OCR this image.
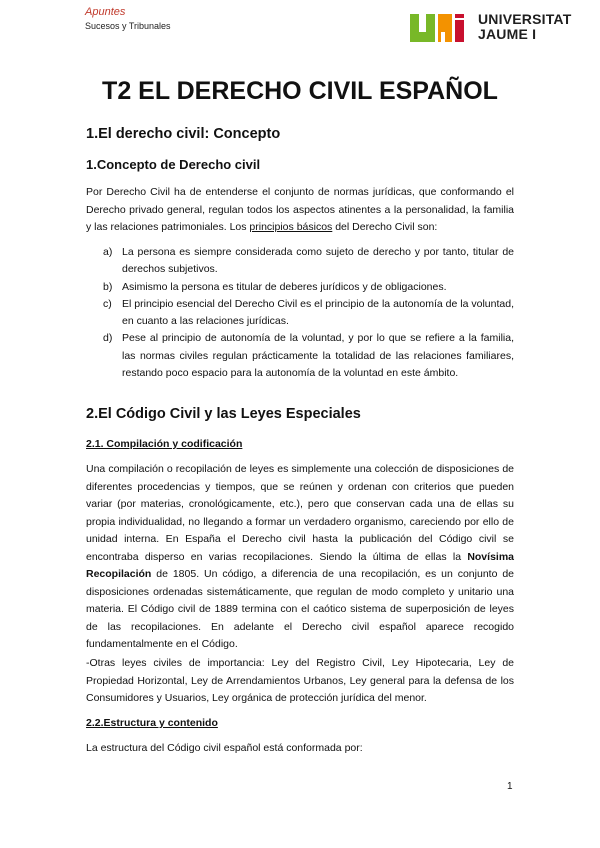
Apuntes
Sucesos y Tribunales	UNIVERSITAT
JAUME I
T2 EL DERECHO CIVIL ESPAÑOL
1.El derecho civil: Concepto
1.Concepto de Derecho civil
Por Derecho Civil ha de entenderse el conjunto de normas jurídicas, que conformando el Derecho privado general, regulan todos los aspectos atinentes a la personalidad, la familia y las relaciones patrimoniales. Los principios básicos del Derecho Civil son:
a) La persona es siempre considerada como sujeto de derecho y por tanto, titular de derechos subjetivos.
b) Asimismo la persona es titular de deberes jurídicos y de obligaciones.
c) El principio esencial del Derecho Civil es el principio de la autonomía de la voluntad, en cuanto a las relaciones jurídicas.
d) Pese al principio de autonomía de la voluntad, y por lo que se refiere a la familia, las normas civiles regulan prácticamente la totalidad de las relaciones familiares, restando poco espacio para la autonomía de la voluntad en este ámbito.
2.El Código Civil y las Leyes Especiales
2.1. Compilación y codificación
Una compilación o recopilación de leyes es simplemente una colección de disposiciones de diferentes procedencias y tiempos, que se reúnen y ordenan con criterios que pueden variar (por materias, cronológicamente, etc.), pero que conservan cada una de ellas su propia individualidad, no llegando a formar un verdadero organismo, careciendo por ello de unidad interna. En España el Derecho civil hasta la publicación del Código civil se encontraba disperso en varias recopilaciones. Siendo la última de ellas la Novísima Recopilación de 1805. Un código, a diferencia de una recopilación, es un conjunto de disposiciones ordenadas sistemáticamente, que regulan de modo completo y unitario una materia. El Código civil de 1889 termina con el caótico sistema de superposición de leyes de las recopilaciones. En adelante el Derecho civil español aparece recogido fundamentalmente en el Código.
-Otras leyes civiles de importancia: Ley del Registro Civil, Ley Hipotecaria, Ley de Propiedad Horizontal, Ley de Arrendamientos Urbanos, Ley general para la defensa de los Consumidores y Usuarios, Ley orgánica de protección jurídica del menor.
2.2.Estructura y contenido
La estructura del Código civil español está conformada por:
1
